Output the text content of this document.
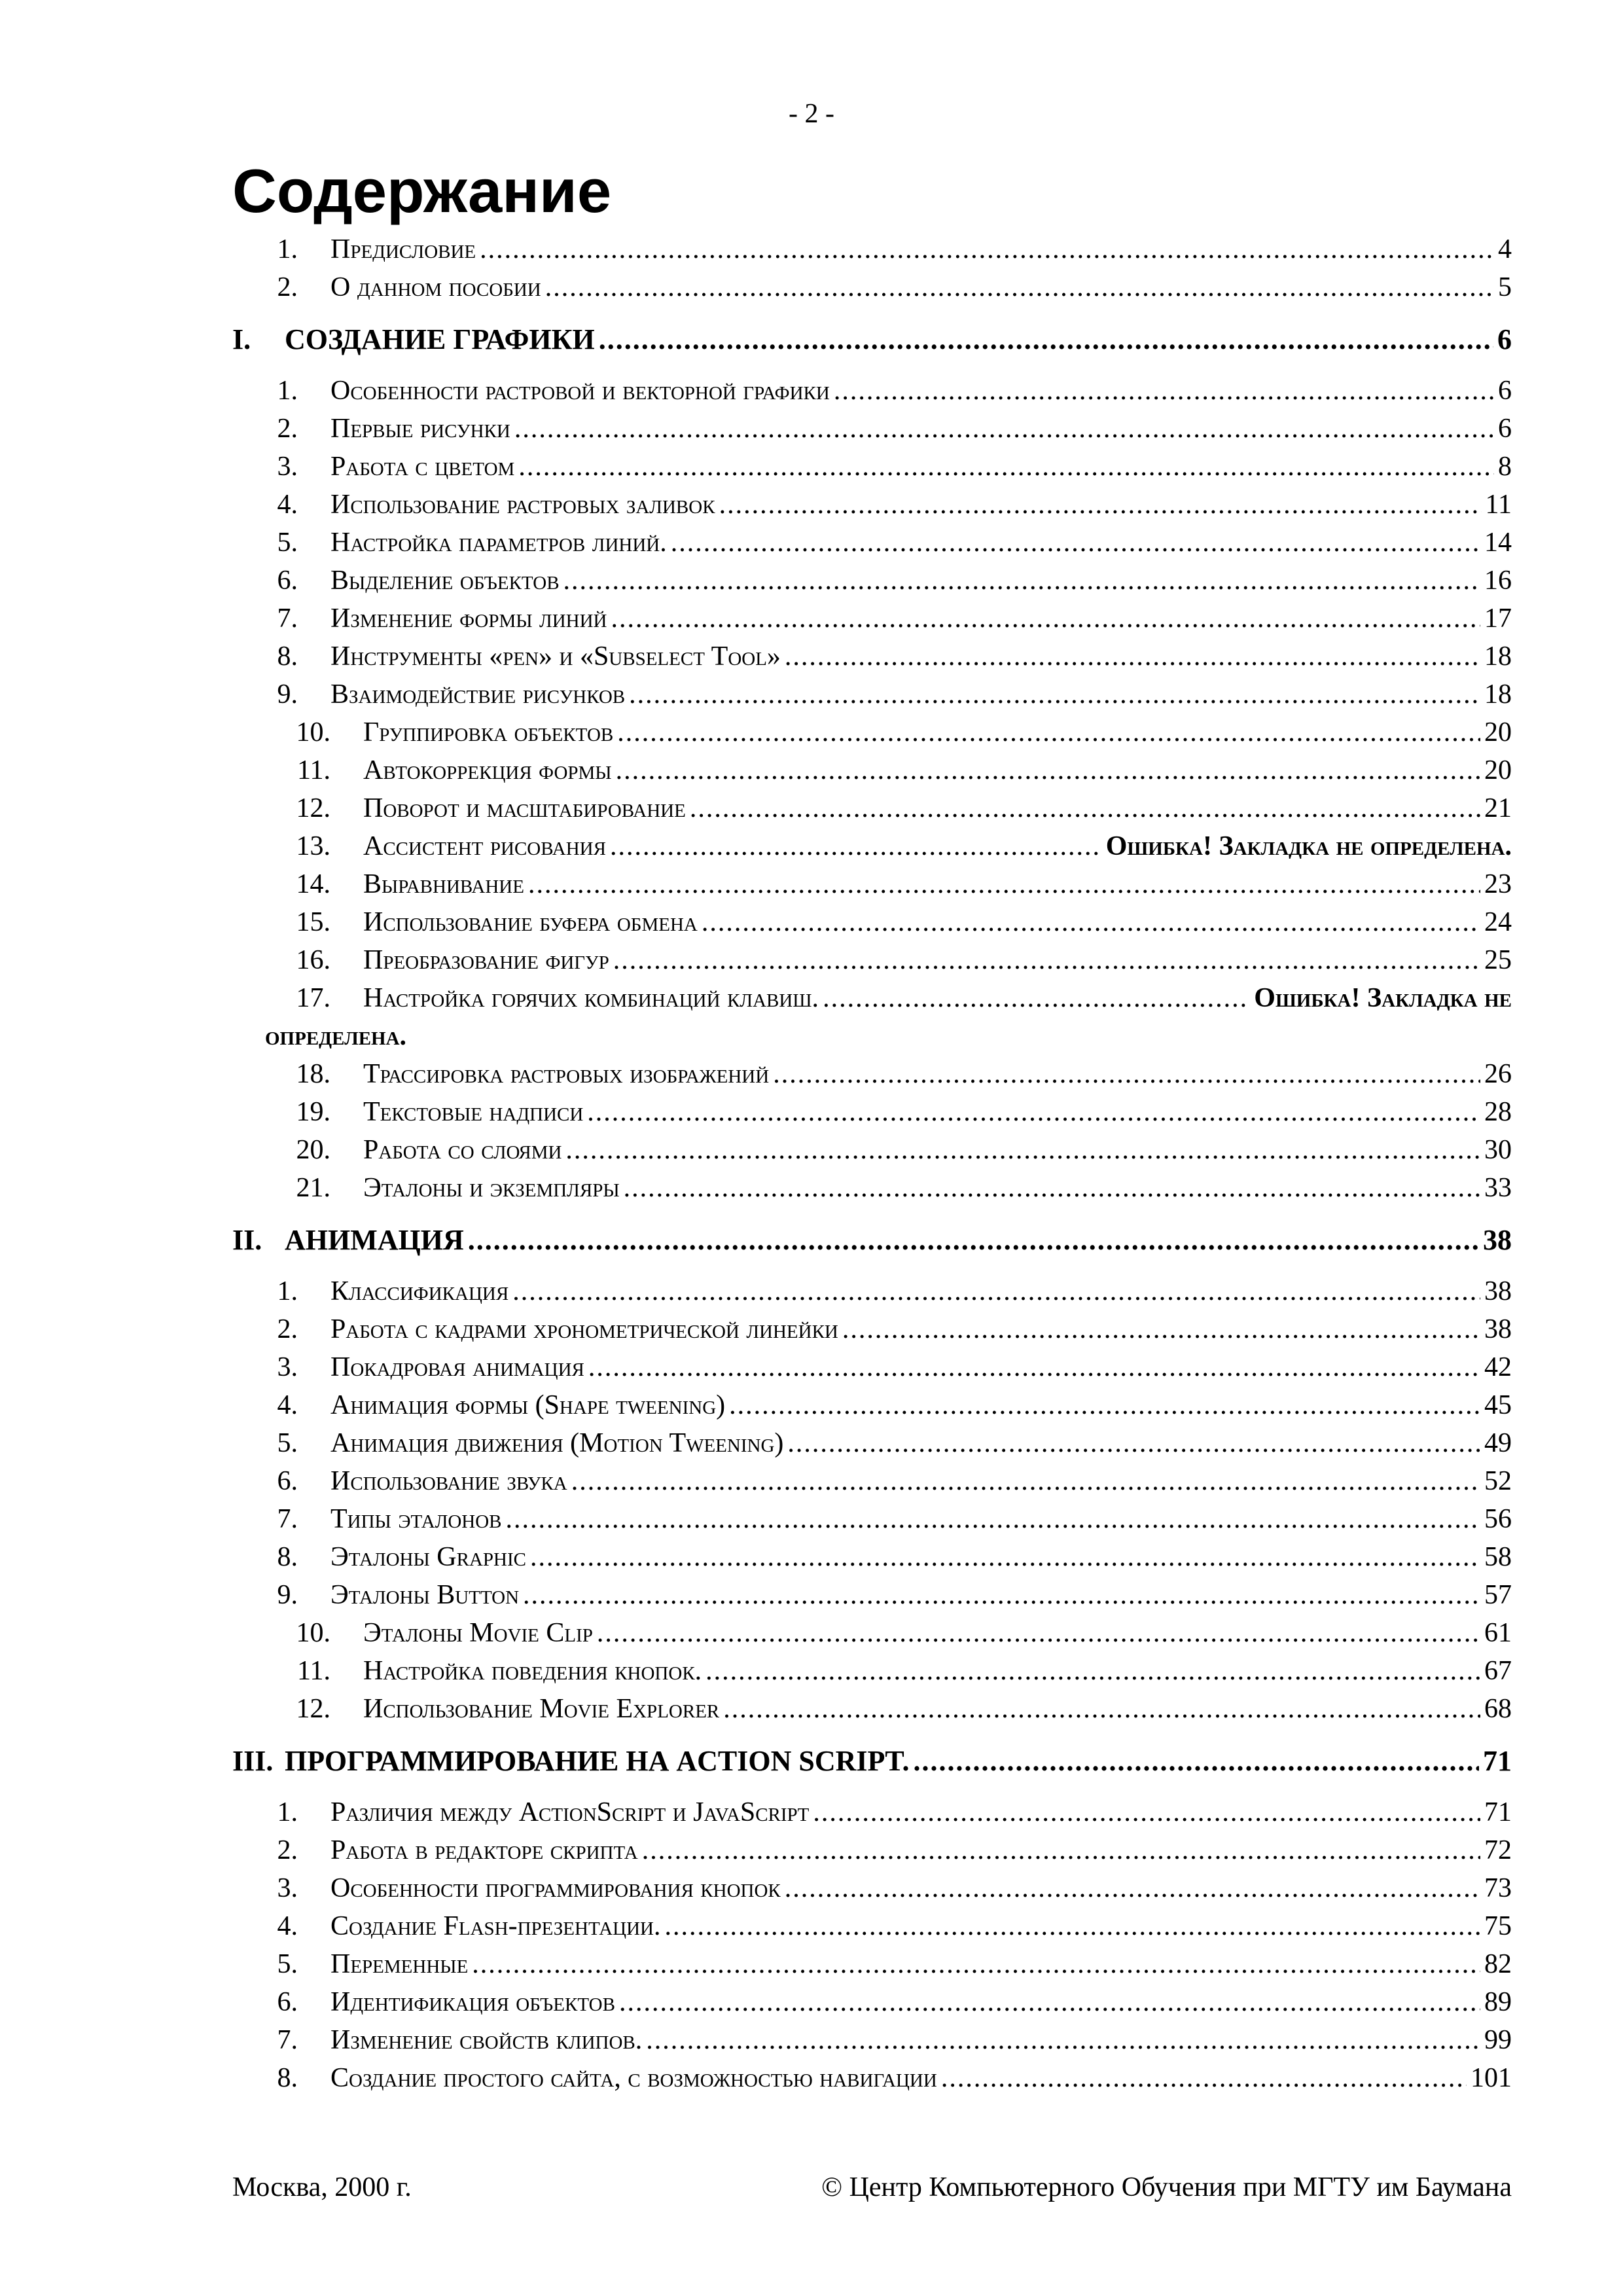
- 2 -
Содержание
1.	Предисловие .....	4
2.	О данном пособии .....	5
I.	СОЗДАНИЕ ГРАФИКИ .....	6
1.	Особенности растровой и векторной графики .....	6
2.	Первые рисунки .....	6
3.	Работа с цветом .....	8
4.	Использование растровых заливок .....	11
5.	Настройка параметров линий. .....	14
6.	Выделение объектов .....	16
7.	Изменение формы линий .....	17
8.	Инструменты «pen» и «Subselect Tool» .....	18
9.	Взаимодействие рисунков .....	18
10.	Группировка объектов .....	20
11.	Автокоррекция формы .....	20
12.	Поворот и масштабирование .....	21
13.	Ассистент рисования .....	Ошибка! Закладка не определена.
14.	Выравнивание .....	23
15.	Использование буфера обмена .....	24
16.	Преобразование фигур .....	25
17.	Настройка горячих комбинаций клавиш. .....	Ошибка! Закладка не
определена.
18.	Трассировка растровых изображений .....	26
19.	Текстовые надписи .....	28
20.	Работа со слоями .....	30
21.	Эталоны и экземпляры .....	33
II. АНИМАЦИЯ .....	38
1.	Классификация .....	38
2.	Работа с кадрами хронометрической линейки .....	38
3.	Покадровая анимация .....	42
4.	Анимация формы (Shape tweening) .....	45
5.	Анимация движения (Motion Tweening) .....	49
6.	Использование звука .....	52
7.	Типы эталонов .....	56
8.	Эталоны Graphic .....	58
9.	Эталоны Button .....	57
10.	Эталоны Movie Clip .....	61
11.	Настройка поведения кнопок. .....	67
12.	Использование Movie Explorer .....	68
III. ПРОГРАММИРОВАНИЕ НА ACTION SCRIPT. .....	71
1.	Различия между ActionScript и JavaScript .....	71
2.	Работа в редакторе скрипта .....	72
3.	Особенности программирования кнопок .....	73
4.	Создание Flash-презентации. .....	75
5.	Переменные .....	82
6.	Идентификация объектов .....	89
7.	Изменение свойств клипов. .....	99
8.	Создание простого сайта, с возможностью навигации .....	101
Москва, 2000 г.	© Центр Компьютерного Обучения при МГТУ им Баумана
